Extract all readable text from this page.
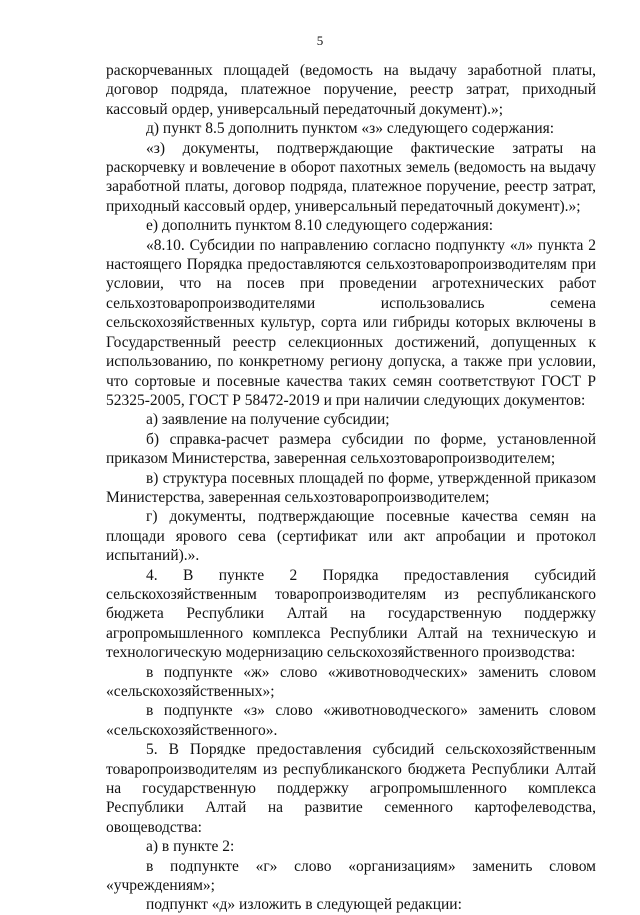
5
раскорчеванных площадей (ведомость на выдачу заработной платы,
договор подряда, платежное поручение, реестр затрат, приходный
кассовый ордер, универсальный передаточный документ).»;
д) пункт 8.5 дополнить пунктом «з» следующего содержания:
«з) документы, подтверждающие фактические затраты на
раскорчевку и вовлечение в оборот пахотных земель (ведомость на выдачу
заработной платы, договор подряда, платежное поручение, реестр затрат,
приходный кассовый ордер, универсальный передаточный документ).»;
е) дополнить пунктом 8.10 следующего содержания:
«8.10. Субсидии по направлению согласно подпункту «л» пункта 2
настоящего Порядка предоставляются сельхозтоваропроизводителям при
условии, что на посев при проведении агротехнических работ
сельхозтоваропроизводителями использовались семена
сельскохозяйственных культур, сорта или гибриды которых включены в
Государственный реестр селекционных достижений, допущенных к
использованию, по конкретному региону допуска, а также при условии,
что сортовые и посевные качества таких семян соответствуют ГОСТ Р
52325-2005, ГОСТ Р 58472-2019 и при наличии следующих документов:
а) заявление на получение субсидии;
б) справка-расчет размера субсидии по форме, установленной
приказом Министерства, заверенная сельхозтоваропроизводителем;
в) структура посевных площадей по форме, утвержденной приказом
Министерства, заверенная сельхозтоваропроизводителем;
г) документы, подтверждающие посевные качества семян на
площади ярового сева (сертификат или акт апробации и протокол
испытаний).».
4. В пункте 2 Порядка предоставления субсидий
сельскохозяйственным товаропроизводителям из республиканского
бюджета Республики Алтай на государственную поддержку
агропромышленного комплекса Республики Алтай на техническую и
технологическую модернизацию сельскохозяйственного производства:
в подпункте «ж» слово «животноводческих» заменить словом
«сельскохозяйственных»;
в подпункте «з» слово «животноводческого» заменить словом
«сельскохозяйственного».
5. В Порядке предоставления субсидий сельскохозяйственным
товаропроизводителям из республиканского бюджета Республики Алтай
на государственную поддержку агропромышленного комплекса
Республики Алтай на развитие семенного картофелеводства,
овощеводства:
а) в пункте 2:
в подпункте «г» слово «организациям» заменить словом
«учреждениям»;
подпункт «д» изложить в следующей редакции:
